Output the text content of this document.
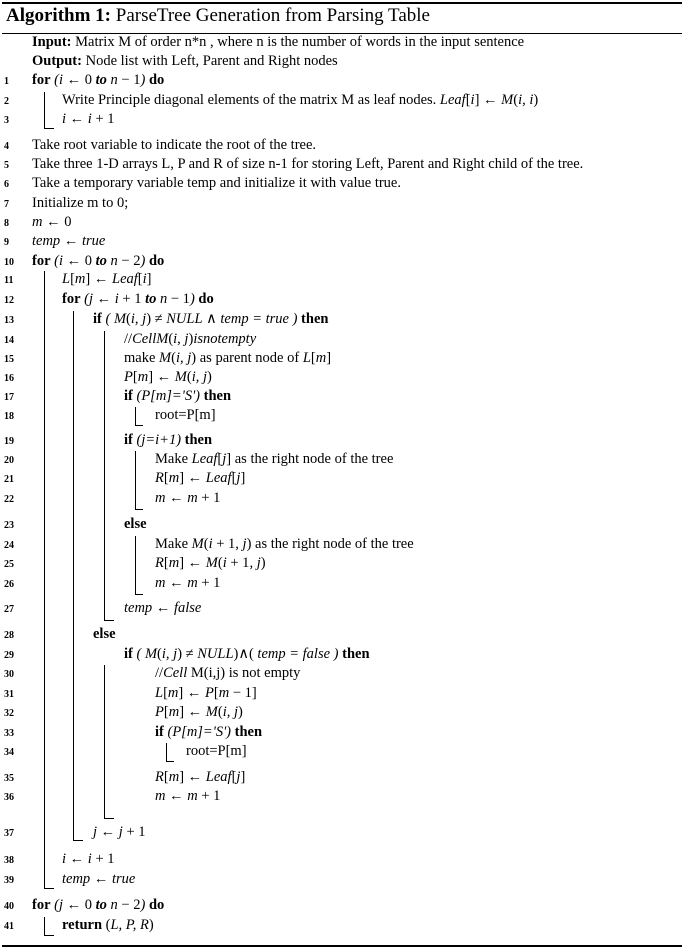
Algorithm 1: ParseTree Generation from Parsing Table
Input: Matrix M of order n*n , where n is the number of words in the input sentence
Output: Node list with Left, Parent and Right nodes
1	for (i ← 0 to n − 1) do
2	Write Principle diagonal elements of the matrix M as leaf nodes. Leaf[i] ← M(i, i)
3	i ← i + 1
4	Take root variable to indicate the root of the tree.
5	Take three 1-D arrays L, P and R of size n-1 for storing Left, Parent and Right child of the tree.
6	Take a temporary variable temp and initialize it with value true.
7	Initialize m to 0;
8	m ← 0
9	temp ← true
10	for (i ← 0 to n − 2) do
11	L[m] ← Leaf[i]
12	for (j ← i + 1 to n − 1) do
13	if ( M(i, j) ≠ NULL ∧ temp = true ) then
14	//CellM(i, j)isnotempty
15	make M(i, j) as parent node of L[m]
16	P[m] ← M(i, j)
17	if (P[m]='S') then
18	root=P[m]
19	if (j=i+1) then
20	Make Leaf[j] as the right node of the tree
21	R[m] ← Leaf[j]
22	m ← m + 1
23	else
24	Make M(i + 1, j) as the right node of the tree
25	R[m] ← M(i + 1, j)
26	m ← m + 1
27	temp ← false
28	else
29	if ( M(i, j) ≠ NULL)∧( temp = false ) then
30	//Cell M(i,j) is not empty
31	L[m] ← P[m − 1]
32	P[m] ← M(i, j)
33	if (P[m]='S') then
34	root=P[m]
35	R[m] ← Leaf[j]
36	m ← m + 1
37	j ← j + 1
38	i ← i + 1
39	temp ← true
40	for (j ← 0 to n − 2) do
41	return (L, P, R)
